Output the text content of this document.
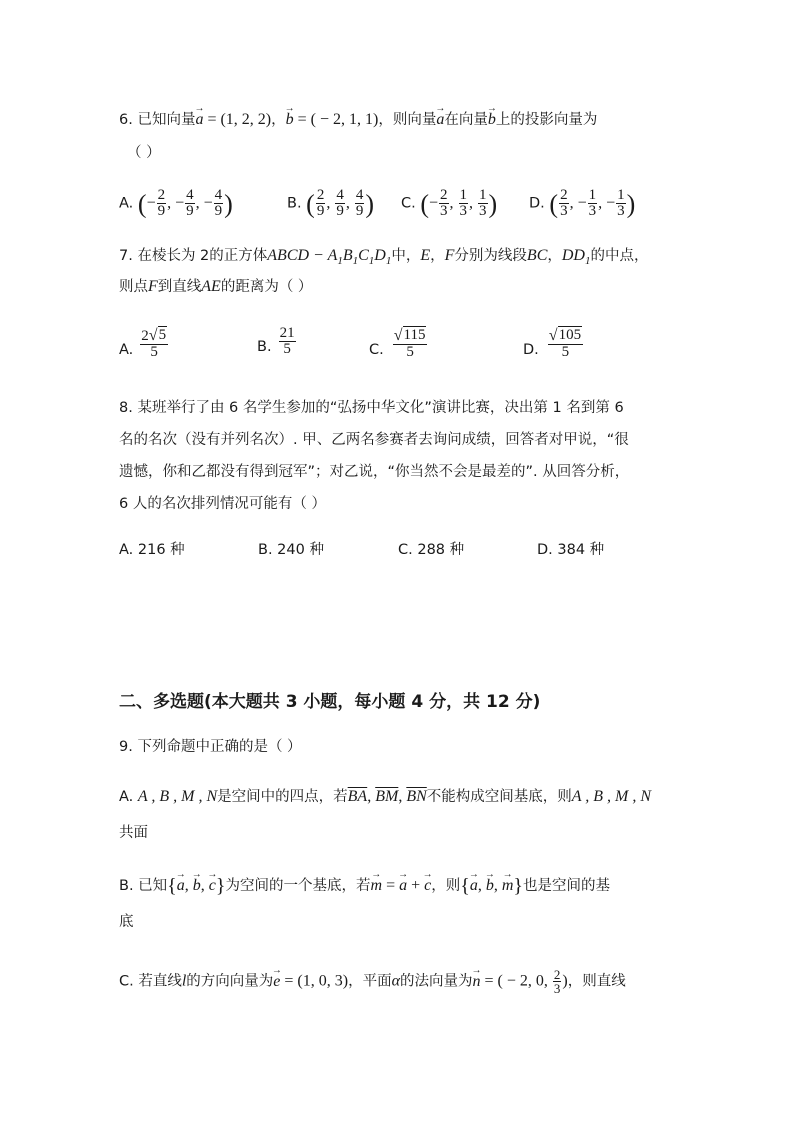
6. 已知向量→ a = (1, 2, 2)，→ b = ( − 2, 1, 1)，则向量→ a在向量→ b上的投影向量为
（ ）
A. (− $\frac{2}{9}$ , − $\frac{4}{9}$ , − $\frac{4}{9}$ )	B. ( $\frac{2}{9}$ , $\frac{4}{9}$ , $\frac{4}{9}$ ) C. (− $\frac{2}{3}$ , $\frac{1}{3}$ , $\frac{1}{3}$ ) D. ( $\frac{2}{3}$ , − $\frac{1}{3}$ , − $\frac{1}{3}$ )
7. 在棱长为 2的正方体ABCD − $A_1B_1C_1D_1$中，E，F分别为线段BC，$DD_1$的中点，
则点F到直线AE的距离为（ ）
A. $\frac{2 √ 5}{5}$	B. $\frac{21}{5}$	C. $\frac{√ 115}{5}$	D. $\frac{√ 105}{5}$
8. 某班举行了由 6 名学生参加的“弘扬中华文化”演讲比赛，决出第 1 名到第 6
名的名次（没有并列名次）. 甲、乙两名参赛者去询问成绩，回答者对甲说，“很
遗憾，你和乙都没有得到冠军”；对乙说，“你当然不会是最差的”. 从回答分析，
6 人的名次排列情况可能有（ ）
A. 216 种	B. 240 种	C. 288 种	D. 384 种
二、多选题(本大题共 3 小题，每小题 4 分，共 12 分)
9. 下列命题中正确的是（ ）
A. A , B , M , N是空间中的四点，若$\overline{BA}$, $\overline{BM}$, $\overline{BN}$不能构成空间基底，则A , B , M , N
共面
B. 已知{→ a, → b, → c}为空间的一个基底，若→ m = → a + → c，则{→ a, → b, → m}也是空间的基
底
C. 若直线l的方向向量为→ e = (1, 0, 3)，平面α的法向量为→ n = ( − 2, 0, $\frac{2}{3}$ )，则直线
